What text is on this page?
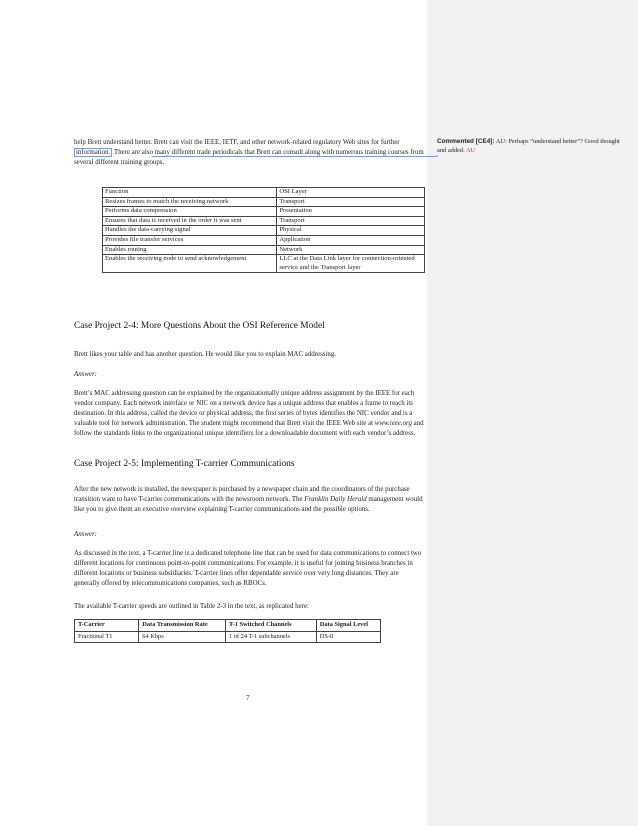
Commented [CE4]: AU: Perhaps “understand better”? Good thought and added. AU

help Brett understand better. Brett can visit the IEEE, IETF, and other network-related regulatory Web sites for further information. There are also many different trade periodicals that Brett can consult along with numerous training courses from several different training groups.

Function	OSI Layer
Resizes frames to match the receiving network	Transport
Performs data compression	Presentation
Ensures that data is received in the order it was sent	Transport
Handles the data-carrying signal	Physical
Provides file transfer services	Application
Enables routing	Network
Enables the receiving node to send acknowledgement	LLC at the Data Link layer for connection-oriented service and the Transport layer
Case Project 2-4: More Questions About the OSI Reference Model

Brett likes your table and has another question. He would like you to explain MAC addressing.

Answer:

Brett’s MAC addressing question can be explained by the organizationally unique address assignment by the IEEE for each vendor company. Each network interface or NIC on a network device has a unique address that enables a frame to reach its destination. In this address, called the device or physical address, the first series of bytes identifies the NIC vendor and is a valuable tool for network administration. The student might recommend that Brett visit the IEEE Web site at www.ieee.org and follow the standards links to the organizational unique identifiers for a downloadable document with each vendor’s address.

Case Project 2-5: Implementing T-carrier Communications

After the new network is installed, the newspaper is purchased by a newspaper chain and the coordinators of the purchase transition want to have T-carrier communications with the newsroom network. The Franklin Daily Herald management would like you to give them an executive overview explaining T-carrier communications and the possible options.

Answer:

As discussed in the text, a T-carrier line is a dedicated telephone line that can be used for data communications to connect two different locations for continuous point-to-point communications. For example, it is useful for joining business branches in different locations or business subsidiaries. T-carrier lines offer dependable service over very long distances. They are generally offered by telecommunications companies, such as RBOCs.

The available T-carrier speeds are outlined in Table 2-3 in the text, as replicated here:

T-Carrier	Data Transmission Rate	T-1 Switched Channels	Data Signal Level
Fractional T1	64 Kbps	1 of 24 T-1 subchannels	DS-0
7
